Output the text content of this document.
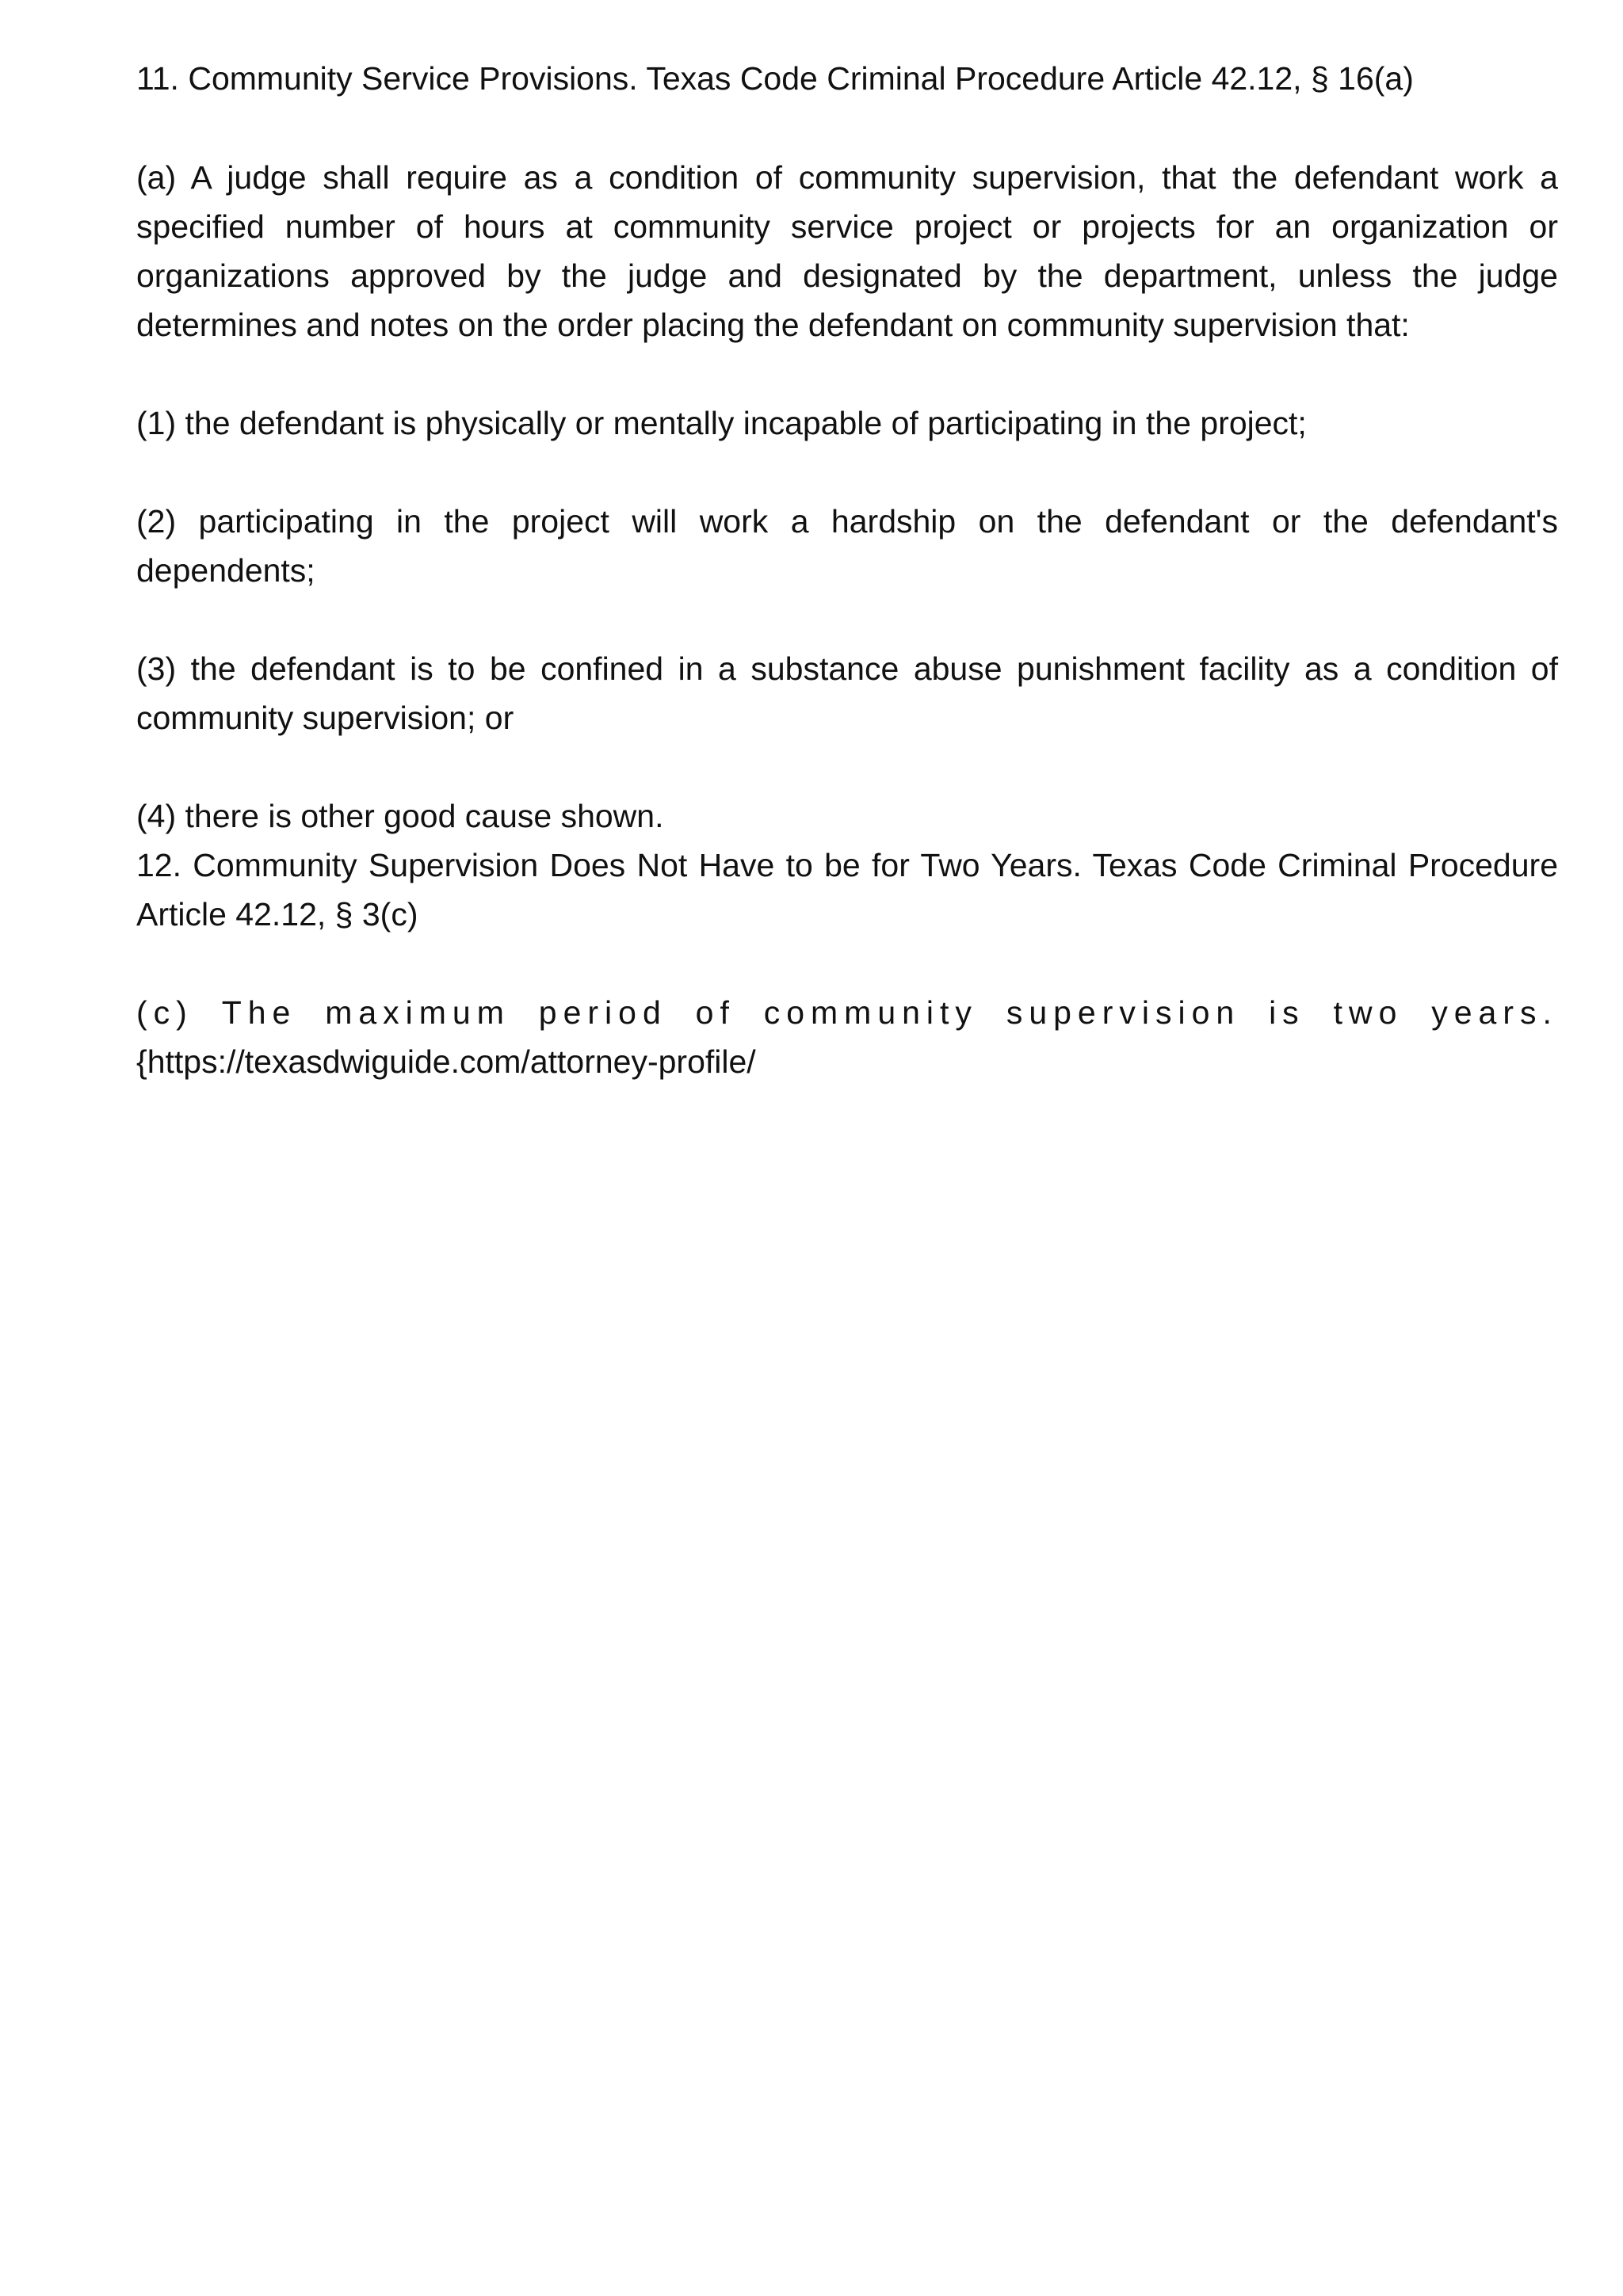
11. Community Service Provisions. Texas Code Criminal Procedure Article 42.12, § 16(a)
(a) A judge shall require as a condition of community supervision, that the defendant work a
specified number of hours at community service project or projects for an organization or
organizations approved by the judge and designated by the department, unless the judge
determines and notes on the order placing the defendant on community supervision that:
(1) the defendant is physically or mentally incapable of participating in the project;
(2) participating in the project will work a hardship on the defendant or the defendant's
dependents;
(3) the defendant is to be confined in a substance abuse punishment facility as a condition of
community supervision; or
(4) there is other good cause shown.
12. Community Supervision Does Not Have to be for Two Years. Texas Code Criminal Procedure
Article 42.12, § 3(c)
(c) The maximum period of community supervision is two years.
{https://texasdwiguide.com/attorney-profile/
